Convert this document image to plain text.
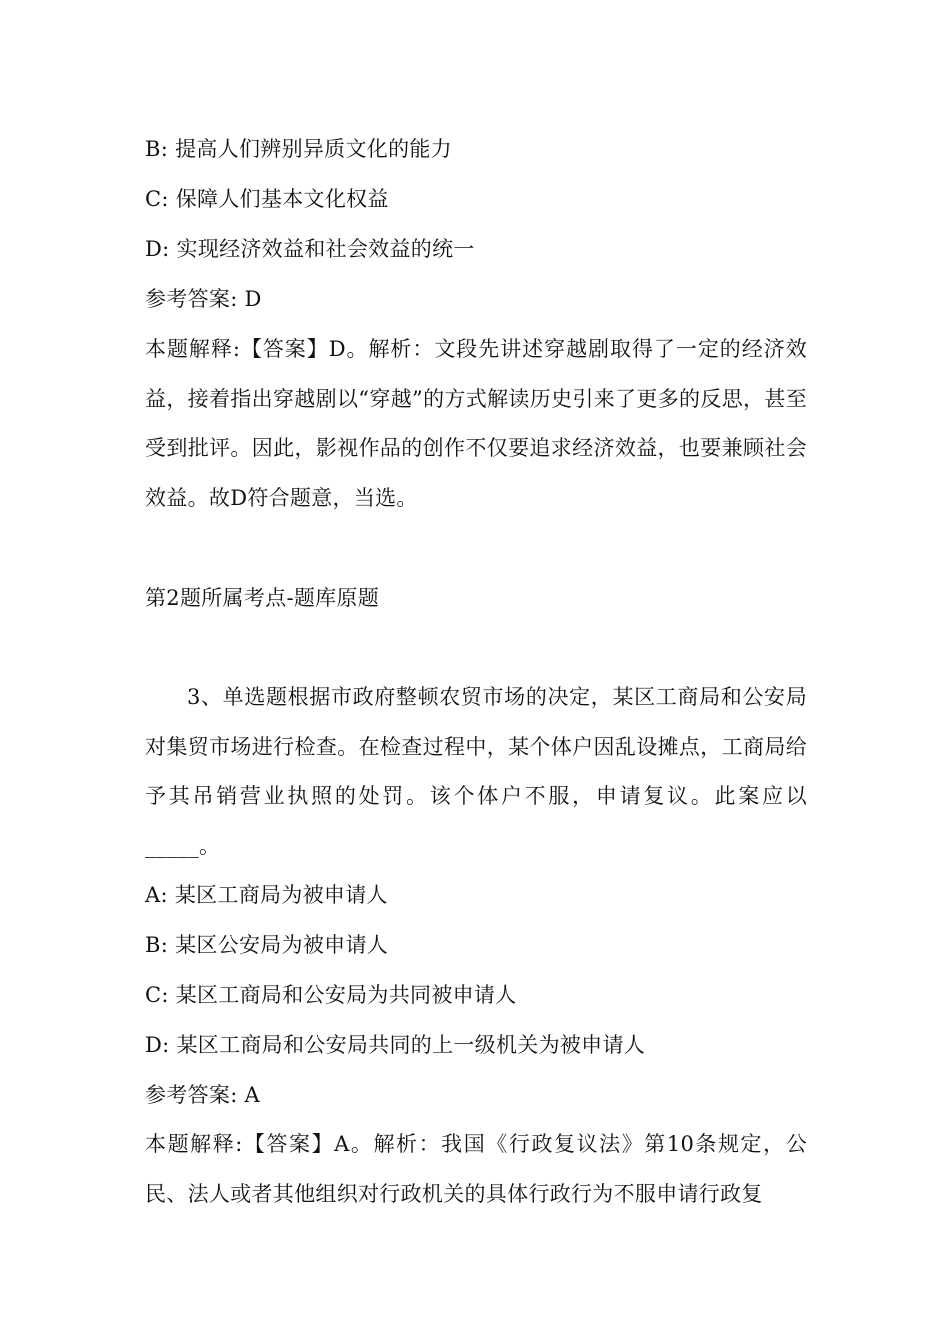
B: 提高人们辨别异质文化的能力
C: 保障人们基本文化权益
D: 实现经济效益和社会效益的统一
参考答案: D
本题解释:【答案】D。解析：文段先讲述穿越剧取得了一定的经济效益，接着指出穿越剧以“穿越”的方式解读历史引来了更多的反思，甚至受到批评。因此，影视作品的创作不仅要追求经济效益，也要兼顾社会效益。故D符合题意，当选。
第2题所属考点-题库原题
3、单选题根据市政府整顿农贸市场的决定，某区工商局和公安局对集贸市场进行检查。在检查过程中，某个体户因乱设摊点，工商局给予其吊销营业执照的处罚。该个体户不服，申请复议。此案应以_____。
A: 某区工商局为被申请人
B: 某区公安局为被申请人
C: 某区工商局和公安局为共同被申请人
D: 某区工商局和公安局共同的上一级机关为被申请人
参考答案: A
本题解释:【答案】A。解析：我国《行政复议法》第10条规定，公民、法人或者其他组织对行政机关的具体行政行为不服申请行政复
